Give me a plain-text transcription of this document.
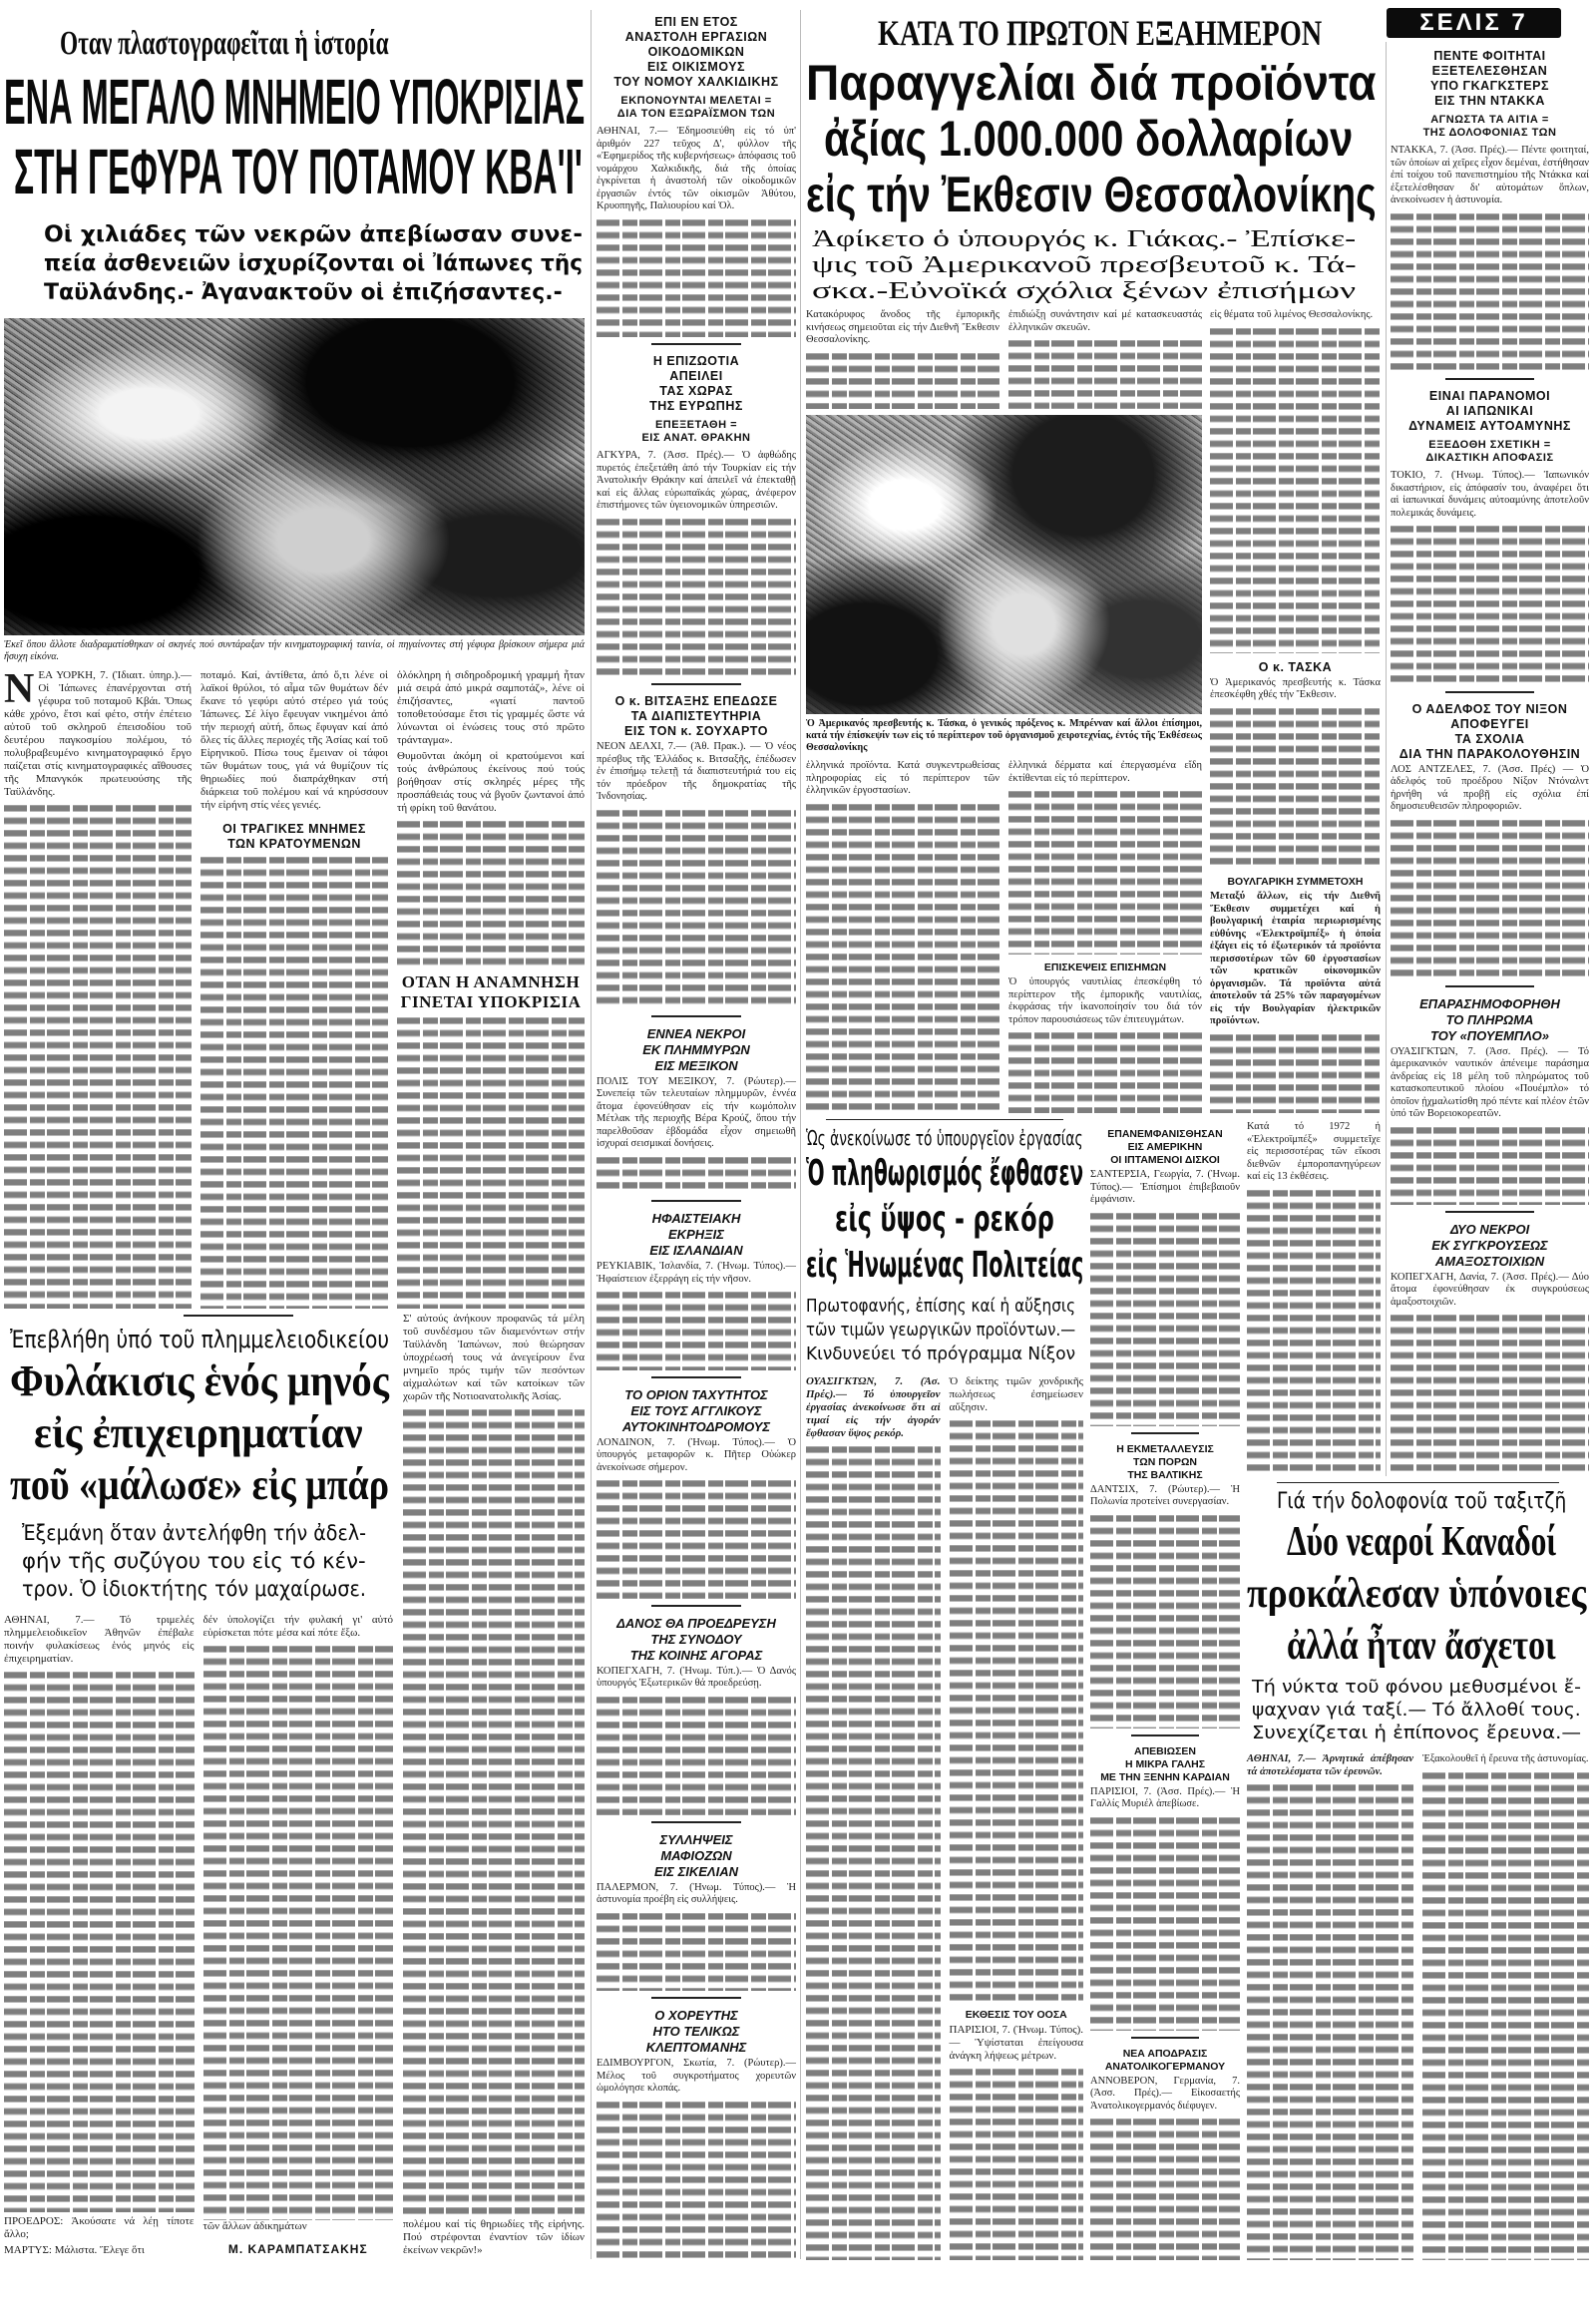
ΣΕΛΙΣ 7
Οταν πλαστογραφεῖται ἡ ἱστορία
ΕΝΑ ΜΕΓΑΛΟ ΜΝΗΜΕΙΟ ΥΠΟΚΡΙΣΙΑΣ
ΣΤΗ ΓΕΦΥΡΑ ΤΟΥ ΠΟΤΑΜΟΥ ΚΒΑ'Ι'
Οἱ χιλιάδες τῶν νεκρῶν ἀπεβίωσαν συνε-
πεία ἀσθενειῶν ἰσχυρίζονται οἱ Ἰάπωνες τῆς
Ταϋλάνδης.- Ἀγανακτοῦν οἱ ἐπιζήσαντες.-
Ἐκεῖ ὅπου ἄλλοτε διαδραματίσθηκαν οἱ σκηνές πού συντάραξαν τήν κινηματογραφική ταινία, οἱ πηγαίνοντες στή γέφυρα βρίσκουν σήμερα μιά ἥσυχη εἰκόνα.
ΝΕΑ ΥΟΡΚΗ, 7. (Ἰδιαιτ. ὑπηρ.).— Οἱ Ἰάπωνες ἐπανέρχονται στή γέφυρα τοῦ ποταμοῦ Κβάι. Ὅπως κάθε χρόνο, ἔτσι καί φέτο, στήν ἐπέτειο αὐτοῦ τοῦ σκληροῦ ἐπεισοδίου τοῦ δευτέρου παγκοσμίου πολέμου, τό πολυβραβευμένο κινηματογραφικό ἔργο παίζεται στίς κινηματογραφικές αἴθουσες τῆς Μπανγκόκ πρωτευούσης τῆς Ταϋλάνδης.
ποταμό. Καί, ἀντίθετα, ἀπό ὅ,τι λένε οἱ λαϊκοί θρύλοι, τό αἷμα τῶν θυμάτων δέν ἔκανε τό γεφύρι αὐτό στέρεο γιά τούς Ἰάπωνες. Σέ λίγο ἔφευγαν νικημένοι ἀπό τήν περιοχή αὐτή, ὅπως ἔφυγαν καί ἀπό ὅλες τίς ἄλλες περιοχές τῆς Ἀσίας καί τοῦ Εἰρηνικοῦ. Πίσω τους ἔμειναν οἱ τάφοι τῶν θυμάτων τους, γιά νά θυμίζουν τίς θηριωδίες πού διαπράχθηκαν στή διάρκεια τοῦ πολέμου καί νά κηρύσσουν τήν εἰρήνη στίς νέες γενιές.
ΟΙ ΤΡΑΓΙΚΕΣ ΜΝΗΜΕΣ
ΤΩΝ ΚΡΑΤΟΥΜΕΝΩΝ
ὁλόκληρη ἡ σιδηροδρομική γραμμή ἦταν μιά σειρά ἀπό μικρά σαμποτάζ», λένε οἱ ἐπιζήσαντες, «γιατί παντοῦ τοποθετούσαμε ἔτσι τίς γραμμές ὥστε νά λύνωνται οἱ ἑνώσεις τους στό πρῶτο τράνταγμα».
Θυμοῦνται ἀκόμη οἱ κρατούμενοι καί τούς ἀνθρώπους ἐκείνους πού τούς βοήθησαν στίς σκληρές μέρες τῆς προσπάθειάς τους νά βγοῦν ζωντανοί ἀπό τή φρίκη τοῦ θανάτου.
ΟΤΑΝ Η ΑΝΑΜΝΗΣΗ
ΓΙΝΕΤΑΙ ΥΠΟΚΡΙΣΙΑ
Ἐπεβλήθη ὑπό τοῦ πλημμελειοδικείου
Φυλάκισις ἑνός μηνός
εἰς ἐπιχειρηματίαν
ποῦ «μάλωσε» εἰς μπάρ
Ἐξεμάνη ὅταν ἀντελήφθη τήν ἀδελ-
φήν τῆς συζύγου του εἰς τό κέν-
τρον. Ὁ ἰδιοκτήτης τόν μαχαίρωσε.
ΑΘΗΝΑΙ, 7.— Τό τριμελές πλημμελειοδικεῖον Ἀθηνῶν ἐπέβαλε ποινήν φυλακίσεως ἑνός μηνός εἰς ἐπιχειρηματίαν.
ΠΡΟΕΔΡΟΣ: Ἀκούσατε νά λέῃ τίποτε ἄλλο;
ΜΑΡΤΥΣ: Μάλιστα. Ἔλεγε ὅτι
δέν ὑπολογίζει τήν φυλακή γι' αὐτό εὑρίσκεται πότε μέσα καί πότε ἔξω.
τῶν ἄλλων ἀδικημάτων
Μ. ΚΑΡΑΜΠΑΤΣΑΚΗΣ
Σ' αὐτούς ἀνήκουν προφανῶς τά μέλη τοῦ συνδέσμου τῶν διαμενόντων στήν Ταϋλάνδη Ἰαπώνων, πού θεώρησαν ὑποχρέωσή τους νά ἀνεγείρουν ἕνα μνημεῖο πρός τιμήν τῶν πεσόντων αἰχμαλώτων καί τῶν κατοίκων τῶν χωρῶν τῆς Νοτιοανατολικῆς Ἀσίας.
πολέμου καί τίς θηριωδίες τῆς εἰρήνης. Πού στρέφονται ἐναντίον τῶν ἰδίων ἐκείνων νεκρῶν!»
ΕΠΙ ΕΝ ΕΤΟΣ
ΑΝΑΣΤΟΛΗ ΕΡΓΑΣΙΩΝ
ΟΙΚΟΔΟΜΙΚΩΝ
ΕΙΣ ΟΙΚΙΣΜΟΥΣ
ΤΟΥ ΝΟΜΟΥ ΧΑΛΚΙΔΙΚΗΣ
ΕΚΠΟΝΟΥΝΤΑΙ ΜΕΛΕΤΑΙ =
ΔΙΑ ΤΟΝ ΕΞΩΡΑΪΣΜΟΝ ΤΩΝ
ΑΘΗΝΑΙ, 7.— Ἐδημοσιεύθη εἰς τό ὑπ' ἀριθμόν 227 τεῦχος Δ', φύλλον τῆς «Ἐφημερίδος τῆς κυβερνήσεως» ἀπόφασις τοῦ νομάρχου Χαλκιδικῆς, διά τῆς ὁποίας ἐγκρίνεται ἡ ἀναστολή τῶν οἰκοδομικῶν ἐργασιῶν ἐντός τῶν οἰκισμῶν Ἀθύτου, Κρυοπηγῆς, Παλιουρίου καί Ὀλ.
Η ΕΠΙΖΩΟΤΙΑ
ΑΠΕΙΛΕΙ
ΤΑΣ ΧΩΡΑΣ
ΤΗΣ ΕΥΡΩΠΗΣ
ΕΠΕΞΕΤΑΘΗ =
ΕΙΣ ΑΝΑΤ. ΘΡΑΚΗΝ
ΑΓΚΥΡΑ, 7. (Ἀσσ. Πρές).— Ὁ ἀφθώδης πυρετός ἐπεξετάθη ἀπό τήν Τουρκίαν εἰς τήν Ἀνατολικήν Θράκην καί ἀπειλεῖ νά ἐπεκταθῇ καί εἰς ἄλλας εὐρωπαϊκάς χώρας, ἀνέφερον ἐπιστήμονες τῶν ὑγειονομικῶν ὑπηρεσιῶν.
Ο κ. ΒΙΤΣΑΞΗΣ ΕΠΕΔΩΣΕ
ΤΑ ΔΙΑΠΙΣΤΕΥΤΗΡΙΑ
ΕΙΣ ΤΟΝ κ. ΣΟΥΧΑΡΤΟ
ΝΕΟΝ ΔΕΛΧΙ, 7.— (Ἀθ. Πρακ.). — Ὁ νέος πρέσβυς τῆς Ἑλλάδος κ. Βιτσαξῆς, ἐπέδωσεν ἐν ἐπισήμῳ τελετῇ τά διαπιστευτήριά του εἰς τόν πρόεδρον τῆς δημοκρατίας τῆς Ἰνδονησίας.
ΕΝΝΕΑ ΝΕΚΡΟΙ
ΕΚ ΠΛΗΜΜΥΡΩΝ
ΕΙΣ ΜΕΞΙΚΟΝ
ΠΟΛΙΣ ΤΟΥ ΜΕΞΙΚΟΥ, 7. (Ρώυτερ).— Συνεπείᾳ τῶν τελευταίων πλημμυρῶν, ἐννέα ἄτομα ἐφονεύθησαν εἰς τήν κωμόπολιν Μέτλακ τῆς περιοχῆς Βέρα Κρούζ, ὅπου τήν παρελθοῦσαν ἑβδομάδα εἶχον σημειωθῆ ἰσχυραί σεισμικαί δονήσεις.
ΗΦΑΙΣΤΕΙΑΚΗ
ΕΚΡΗΞΙΣ
ΕΙΣ ΙΣΛΑΝΔΙΑΝ
ΡΕΥΚΙΑΒΙΚ, Ἰσλανδία, 7. (Ἡνωμ. Τύπος).— Ἡφαίστειον ἐξερράγη εἰς τήν νῆσον.
ΤΟ ΟΡΙΟΝ ΤΑΧΥΤΗΤΟΣ
ΕΙΣ ΤΟΥΣ ΑΓΓΛΙΚΟΥΣ
ΑΥΤΟΚΙΝΗΤΟΔΡΟΜΟΥΣ
ΛΟΝΔΙΝΟΝ, 7. (Ἡνωμ. Τύπος).— Ὁ ὑπουργός μεταφορῶν κ. Πῆτερ Οὐώκερ ἀνεκοίνωσε σήμερον.
ΔΑΝΟΣ ΘΑ ΠΡΟΕΔΡΕΥΣΗ
ΤΗΣ ΣΥΝΟΔΟΥ
ΤΗΣ ΚΟΙΝΗΣ ΑΓΟΡΑΣ
ΚΟΠΕΓΧΑΓΗ, 7. (Ἡνωμ. Τύπ.).— Ὁ Δανός ὑπουργός Ἐξωτερικῶν θά προεδρεύσῃ.
ΣΥΛΛΗΨΕΙΣ
ΜΑΦΙΟΖΩΝ
ΕΙΣ ΣΙΚΕΛΙΑΝ
ΠΑΛΕΡΜΟΝ, 7. (Ἡνωμ. Τύπος).— Ἡ ἀστυνομία προέβη εἰς συλλήψεις.
Ο ΧΟΡΕΥΤΗΣ
ΗΤΟ ΤΕΛΙΚΩΣ
ΚΛΕΠΤΟΜΑΝΗΣ
ΕΔΙΜΒΟΥΡΓΟΝ, Σκωτία, 7. (Ρώυτερ).— Μέλος τοῦ συγκροτήματος χορευτῶν ὡμολόγησε κλοπάς.
ΚΑΤΑ ΤΟ ΠΡΩΤΟΝ ΕΞΑΗΜΕΡΟΝ
Παραγγελίαι διά προϊόντα
ἀξίας 1.000.000 δολλαρίων
εἰς τήν Ἐκθεσιν Θεσσαλονίκης
Ἀφίκετο ὁ ὑπουργός κ. Γιάκας.- Ἐπίσκε-
ψις τοῦ Ἀμερικανοῦ πρεσβευτοῦ κ. Τά-
σκα.-Εὐνοϊκά σχόλια ξένων ἐπισήμων
Κατακόρυφος ἄνοδος τῆς ἐμπορικῆς κινήσεως σημειοῦται εἰς τήν Διεθνῆ Ἔκθεσιν Θεσσαλονίκης.
ἐπιδιώξῃ συνάντησιν καί μέ κατασκευαστάς ἐλληνικῶν σκευῶν.
Ὁ Ἀμερικανός πρεσβευτής κ. Τάσκα, ὁ γενικός πρόξενος κ. Μπρένναν καί ἄλλοι ἐπίσημοι, κατά τήν ἐπίσκεψίν των εἰς τό περίπτερον τοῦ ὀργανισμοῦ χειροτεχνίας, ἐντός τῆς Ἐκθέσεως Θεσσαλονίκης
ἑλληνικά προϊόντα. Κατά συγκεντρωθείσας πληροφορίας εἰς τό περίπτερον τῶν ἐλληνικῶν ἐργοστασίων.
ἑλληνικά δέρματα καί ἐπεργασμένα εἴδη ἐκτίθενται εἰς τό περίπτερον.
ΕΠΙΣΚΕΨΕΙΣ ΕΠΙΣΗΜΩΝ
Ὁ ὑπουργός ναυτιλίας ἐπεσκέφθη τό περίπτερον τῆς ἐμπορικῆς ναυτιλίας, ἐκφράσας τήν ἱκανοποίησίν του διά τόν τρόπον παρουσιάσεως τῶν ἐπιτευγμάτων.
εἰς θέματα τοῦ λιμένος Θεσσαλονίκης.
Ο κ. ΤΑΣΚΑ
Ὁ Ἀμερικανός πρεσβευτής κ. Τάσκα ἐπεσκέφθη χθές τήν Ἔκθεσιν.
ΒΟΥΛΓΑΡΙΚΗ ΣΥΜΜΕΤΟΧΗ
Μεταξύ ἄλλων, εἰς τήν Διεθνῆ Ἔκθεσιν συμμετέχει καί ἡ βουλγαρική ἑταιρία περιωρισμένης εὐθύνης «Ἐλεκτροϊμπέξ» ἡ ὁποία ἐξάγει εἰς τό ἐξωτερικόν τά προϊόντα περισσοτέρων τῶν 60 ἐργοστασίων τῶν κρατικῶν οἰκονομικῶν ὀργανισμῶν. Τά προϊόντα αὐτά ἀποτελοῦν τά 25% τῶν παραγομένων εἰς τήν Βουλγαρίαν ἠλεκτρικῶν προϊόντων.
Κατά τό 1972 ἡ «Ἐλεκτροϊμπέξ» συμμετεῖχε εἰς περισσοτέρας τῶν εἴκοσι διεθνῶν ἐμποροπανηγύρεων καί εἰς 13 ἐκθέσεις.
Ὡς ἀνεκοίνωσε τό ὑπουργεῖον ἐργασίας
Ὁ πληθωρισμός ἔφθασεν
εἰς ὕψος - ρεκόρ
εἰς Ἡνωμένας Πολιτείας
Πρωτοφανής, ἐπίσης καί ἡ αὔξησις
τῶν τιμῶν γεωργικῶν προϊόντων.—
Κινδυνεύει τό πρόγραμμα Νίξον
ΟΥΑΣΙΓΚΤΩΝ, 7. (Ἀσ. Πρές).— Τό ὑπουργεῖον ἐργασίας ἀνεκοίνωσε ὅτι αἱ τιμαί εἰς τήν ἀγοράν ἔφθασαν ὕψος ρεκόρ.
Ὁ δείκτης τιμῶν χονδρικῆς πωλήσεως ἐσημείωσεν αὔξησιν.
ΕΚΘΕΣΙΣ ΤΟΥ ΟΟΣΑ
ΠΑΡΙΣΙΟΙ, 7. (Ἡνωμ. Τύπος).— Ὑψίσταται ἐπείγουσα ἀνάγκη λήψεως μέτρων.
ΕΠΑΝΕΜΦΑΝΙΣΘΗΣΑΝ
ΕΙΣ ΑΜΕΡΙΚΗΝ
ΟΙ ΙΠΤΑΜΕΝΟΙ ΔΙΣΚΟΙ
ΣΑΝΤΕΡΣΙΑ, Γεωργία, 7. (Ἡνωμ. Τύπος).— Ἐπίσημοι ἐπιβεβαιοῦν ἐμφάνισιν.
Η ΕΚΜΕΤΑΛΛΕΥΣΙΣ
ΤΩΝ ΠΟΡΩΝ
ΤΗΣ ΒΑΛΤΙΚΗΣ
ΔΑΝΤΣΙΧ, 7. (Ρώυτερ).— Ἡ Πολωνία προτείνει συνεργασίαν.
ΑΠΕΒΙΩΣΕΝ
Η ΜΙΚΡΑ ΓΑΛΗΣ
ΜΕ ΤΗΝ ΞΕΝΗΝ ΚΑΡΔΙΑΝ
ΠΑΡΙΣΙΟΙ, 7. (Ἀσσ. Πρές).— Ἡ Γαλλίς Μυριέλ ἀπεβίωσε.
ΝΕΑ ΑΠΟΔΡΑΣΙΣ
ΑΝΑΤΟΛΙΚΟΓΕΡΜΑΝΟΥ
ΑΝΝΟΒΕΡΟΝ, Γερμανία, 7. (Ἀσσ. Πρές).— Εἰκοσαετής Ἀνατολικογερμανός διέφυγεν.
ΠΕΝΤΕ ΦΟΙΤΗΤΑΙ
ΕΞΕΤΕΛΕΣΘΗΣΑΝ
ΥΠΟ ΓΚΑΓΚΣΤΕΡΣ
ΕΙΣ ΤΗΝ ΝΤΑΚΚΑ
ΑΓΝΩΣΤΑ ΤΑ ΑΙΤΙΑ =
ΤΗΣ ΔΟΛΟΦΟΝΙΑΣ ΤΩΝ
ΝΤΑΚΚΑ, 7. (Ἀσσ. Πρές).— Πέντε φοιτηταί, τῶν ὁποίων αἱ χεῖρες εἶχον δεμέναι, ἐστήθησαν ἐπί τοίχου τοῦ πανεπιστημίου τῆς Ντάκκα καί ἐξετελέσθησαν δι' αὐτομάτων ὅπλων, ἀνεκοίνωσεν ἡ ἀστυνομία.
ΕΙΝΑΙ ΠΑΡΑΝΟΜΟΙ
ΑΙ ΙΑΠΩΝΙΚΑΙ
ΔΥΝΑΜΕΙΣ ΑΥΤΟΑΜΥΝΗΣ
ΕΞΕΔΟΘΗ ΣΧΕΤΙΚΗ =
ΔΙΚΑΣΤΙΚΗ ΑΠΟΦΑΣΙΣ
ΤΟΚΙΟ, 7. (Ἡνωμ. Τύπος).— Ἰαπωνικόν δικαστήριον, εἰς ἀπόφασίν του, ἀναφέρει ὅτι αἱ ἰαπωνικαί δυνάμεις αὐτοαμύνης ἀποτελοῦν πολεμικάς δυνάμεις.
Ο ΑΔΕΛΦΟΣ ΤΟΥ ΝΙΞΟΝ
ΑΠΟΦΕΥΓΕΙ
ΤΑ ΣΧΟΛΙΑ
ΔΙΑ ΤΗΝ ΠΑΡΑΚΟΛΟΥΘΗΣΙΝ
ΛΟΣ ΑΝΤΖΕΛΕΣ, 7. (Ἀσσ. Πρές) — Ὁ ἀδελφός τοῦ προέδρου Νίξον Ντόναλντ ἠρνήθη νά προβῇ εἰς σχόλια ἐπί δημοσιευθεισῶν πληροφοριῶν.
ΕΠΑΡΑΣΗΜΟΦΟΡΗΘΗ
ΤΟ ΠΛΗΡΩΜΑ
ΤΟΥ «ΠΟΥΕΜΠΛΟ»
ΟΥΑΣΙΓΚΤΩΝ, 7. (Ἀσσ. Πρές). — Τό ἀμερικανικόν ναυτικόν ἀπένειμε παράσημα ἀνδρείας εἰς 18 μέλη τοῦ πληρώματος τοῦ κατασκοπευτικοῦ πλοίου «Πουέμπλο» τό ὁποῖον ᾐχμαλωτίσθη πρό πέντε καί πλέον ἐτῶν ὑπό τῶν Βορειοκορεατῶν.
ΔΥΟ ΝΕΚΡΟΙ
ΕΚ ΣΥΓΚΡΟΥΣΕΩΣ
ΑΜΑΞΟΣΤΟΙΧΙΩΝ
ΚΟΠΕΓΧΑΓΗ, Δανία, 7. (Ἀσσ. Πρές).— Δύο ἄτομα ἐφονεύθησαν ἐκ συγκρούσεως ἀμαξοστοιχιῶν.
Γιά τήν δολοφονία τοῦ ταξιτζῆ
Δύο νεαροί Καναδοί
προκάλεσαν ὑπόνοιες
ἀλλά ἦταν ἄσχετοι
Τή νύκτα τοῦ φόνου μεθυσμένοι ἔ-
ψαχναν γιά ταξί.— Τό ἄλλοθί τους.
Συνεχίζεται ἡ ἐπίπονος ἔρευνα.—
ΑΘΗΝΑΙ, 7.— Ἀρνητικά ἀπέβησαν τά ἀποτελέσματα τῶν ἐρευνῶν.
Ἐξακολουθεῖ ἡ ἔρευνα τῆς ἀστυνομίας.
